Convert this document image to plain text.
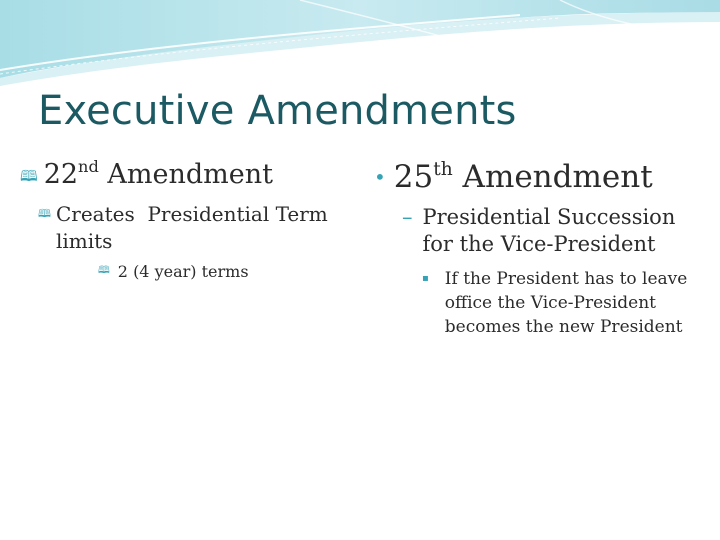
Executive Amendments
🕮 22nd Amendment
🕮 Creates  Presidential Term limits
🕮 2 (4 year) terms
• 25th Amendment
– Presidential Succession for the Vice-President
▪ If the President has to leave office the Vice-President becomes the new President
